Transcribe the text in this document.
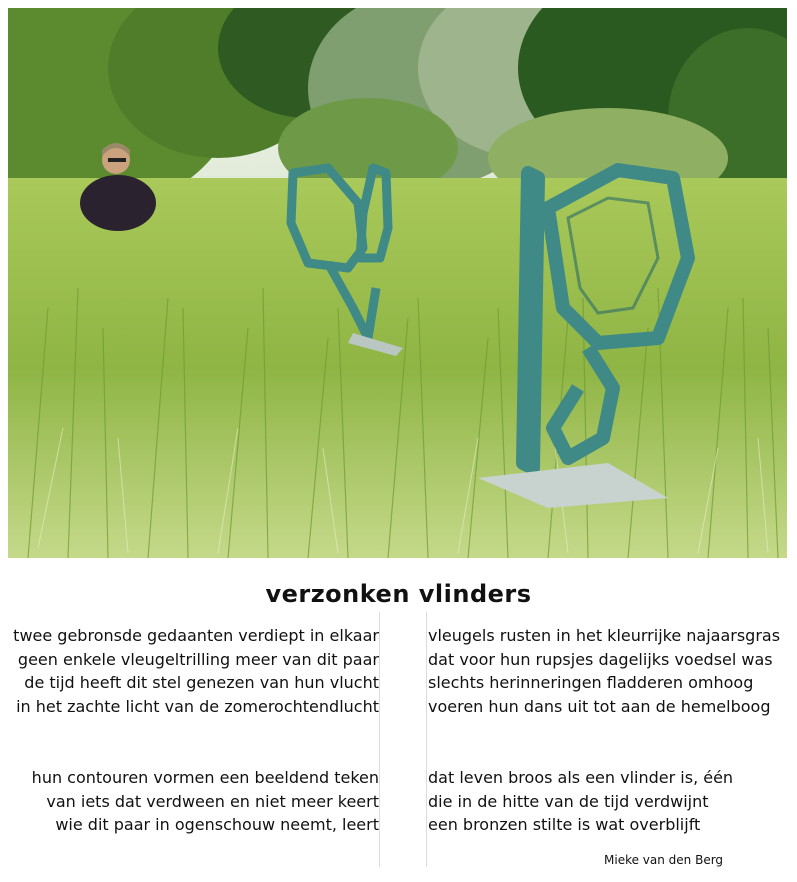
verzonken vlinders
twee gebronsde gedaanten verdiept in elkaar
geen enkele vleugeltrilling meer van dit paar
de tijd heeft dit stel genezen van hun vlucht
in het zachte licht van de zomerochtendlucht
hun contouren vormen een beeldend teken
van iets dat verdween en niet meer keert
wie dit paar in ogenschouw neemt, leert
vleugels rusten in het kleurrijke najaarsgras
dat voor hun rupsjes dagelijks voedsel was
slechts herinneringen fladderen omhoog
voeren hun dans uit tot aan de hemelboog
dat leven broos als een vlinder is, één
die in de hitte van de tijd verdwijnt
een bronzen stilte is wat overblijft
Mieke van den Berg
